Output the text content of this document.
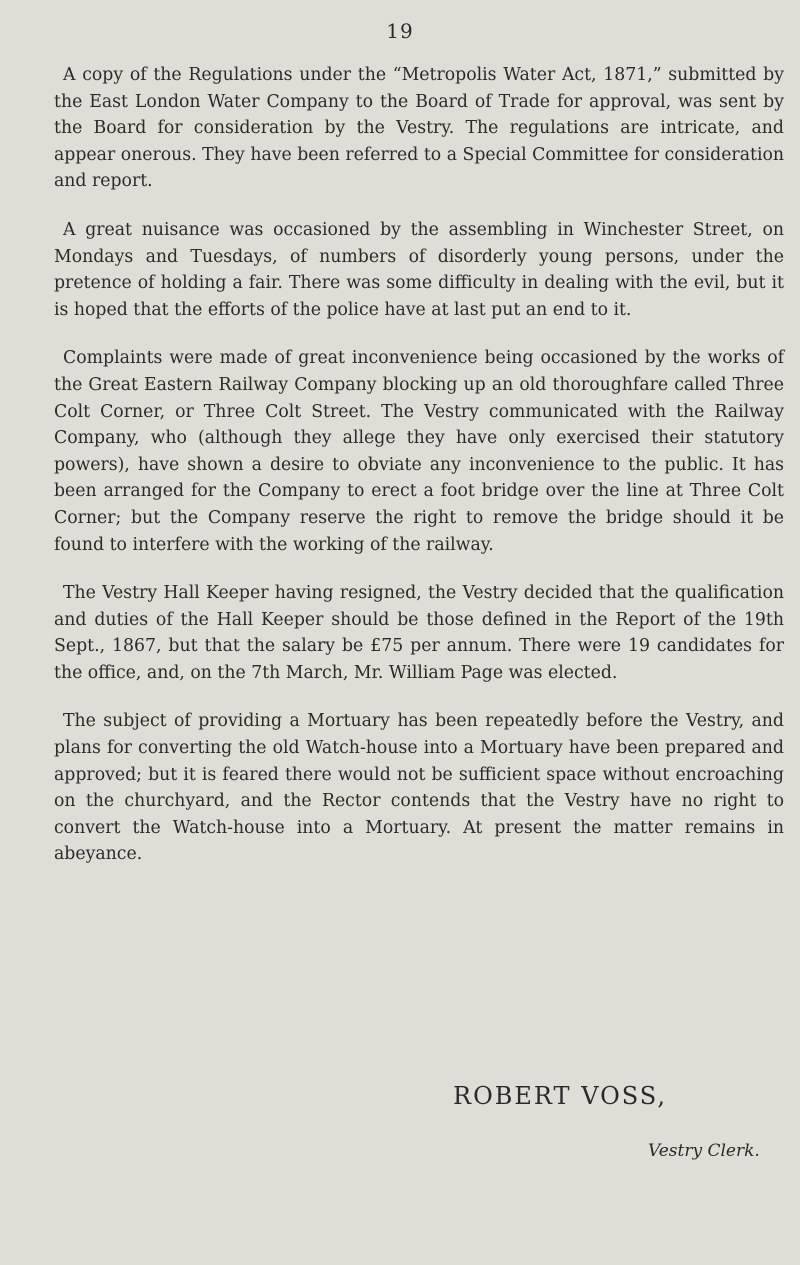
19

A copy of the Regulations under the “Metropolis Water Act, 1871,” submitted by the East London Water Company to the Board of Trade for approval, was sent by the Board for consideration by the Vestry. The regulations are intricate, and appear onerous. They have been referred to a Special Committee for consideration and report.

A great nuisance was occasioned by the assembling in Winchester Street, on Mondays and Tuesdays, of numbers of disorderly young persons, under the pretence of holding a fair. There was some difficulty in dealing with the evil, but it is hoped that the efforts of the police have at last put an end to it.

Complaints were made of great inconvenience being occasioned by the works of the Great Eastern Railway Company blocking up an old thoroughfare called Three Colt Corner, or Three Colt Street. The Vestry communicated with the Railway Company, who (although they allege they have only exercised their statutory powers), have shown a desire to obviate any inconvenience to the public. It has been arranged for the Company to erect a foot bridge over the line at Three Colt Corner; but the Company reserve the right to remove the bridge should it be found to interfere with the working of the railway.

The Vestry Hall Keeper having resigned, the Vestry decided that the qualification and duties of the Hall Keeper should be those defined in the Report of the 19th Sept., 1867, but that the salary be £75 per annum. There were 19 candidates for the office, and, on the 7th March, Mr. William Page was elected.

The subject of providing a Mortuary has been repeatedly before the Vestry, and plans for converting the old Watch-house into a Mortuary have been prepared and approved; but it is feared there would not be sufficient space without encroaching on the churchyard, and the Rector contends that the Vestry have no right to convert the Watch-house into a Mortuary. At present the matter remains in abeyance.

ROBERT VOSS,
Vestry Clerk.
